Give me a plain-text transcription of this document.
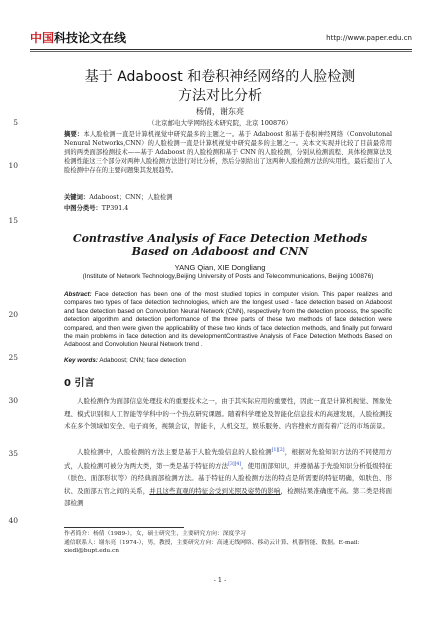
中国科技论文在线	http://www.paper.edu.cn
5
10
15
20
25
30
35
40
基于 Adaboost 和卷积神经网络的人脸检测
方法对比分析
杨倩，谢东亮
（北京邮电大学网络技术研究院，北京 100876）
摘要：本人脸检测一直是计算机视觉中研究最多的主题之一。基于 Adaboost 和基于卷积神经网络（Convolutonal Nenural Networks,CNN）的人脸检测一直是计算机视觉中研究最多的主题之一。关本文实现并比较了目前最常用到的两类面部检测技术——基于 Adaboost 的人脸检测和基于 CNN 的人脸检测，分别从检测流程、具体检测算法及检测性能这三个部分对两种人脸检测方法进行对比分析，然后分别给出了这两种人脸检测方法的实用性，最后提出了人脸检测中存在的主要问题集其发展趋势。
关键词：Adaboost；CNN；人脸检测
中图分类号：TP391.4
Contrastive Analysis of Face Detection Methods Based on Adaboost and CNN
YANG Qian, XIE Dongliang
(Institute of Network Technology,Beijing University of Posts and Telecommunications, Beijing 100876)
Abstract: Face detection has been one of the most studied topics in computer vision. This paper realizes and compares two types of face detection technologies, which are the longest used - face detection based on Adaboost and face detection based on Convolution Neural Network (CNN), respectively from the detection process, the specific detection algorithm and detection performance of the three parts of these two methods of face detection were compared, and then were given the applicability of these two kinds of face detection methods, and finally put forward the main problems in face detection and its developmentContrastive Analysis of Face Detection Methods Based on Adaboost and Convolution Neural Network trend .
Key words: Adaboost; CNN; face detection
0 引言
人脸检测作为面部信息处理技术的重要技术之一，由于其实际应用的重要性，因此一直是计算机视觉、图象处理、模式识别和人工智能等学科中的一个热点研究课题。随着科学理论及智能化信息技术的高速发展，人脸检测技术在多个领域如安全、电子商务，视频会议，智能卡，人机交互，娱乐服务、内容搜索方面有着广泛的市场前景。
人脸检测中，人脸检测的方法主要是基于人脸先验信息的人脸检测[1][2]，根据对先验知识方法的不同使用方式，人脸检测可被分为两大类，第一类是基于特征的方法[3][4]，使用面部知识，并遵循基于先验知识分析低级特征（肤色、面部形状等）的经典面部检测方法。基于特征的人脸检测方法的特点是所需要的特征明确，如肤色、形状、及面部五官之间的关系，并且这些直观的特征会受到光照及姿势的影响，检测结果准确度不高。第二类是将面部检测
作者简介：杨倩（1989-），女，硕士研究生，主要研究方向：深度学习
通信联系人：谢东亮（1974-），男，教授，主要研究方向：高速无线网络、移动云计算、机器智能、数据。E-mail: xiedl@bupt.edu.cn
- 1 -
